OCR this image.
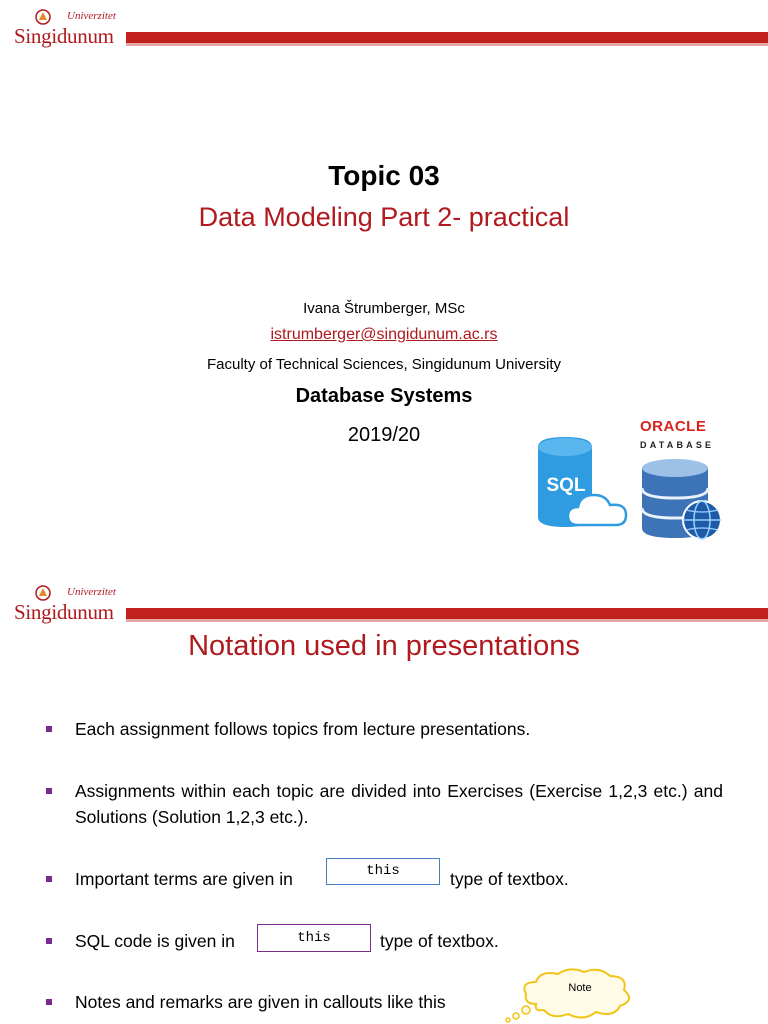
Univerzitet
Singidunum
Topic 03
Data Modeling Part 2- practical
Ivana Štrumberger, MSc
istrumberger@singidunum.ac.rs
Faculty of Technical Sciences, Singidunum University
Database Systems
2019/20
SQL
ORACLE
DATABASE
Univerzitet
Singidunum
Notation used in presentations
Each assignment follows topics from lecture presentations.
Assignments within each topic are divided into Exercises (Exercise 1,2,3 etc.) and Solutions (Solution 1,2,3 etc.).
Important terms are given in	type of textbox.
this
SQL code is given in	type of textbox.
this
Notes and remarks are given in callouts like this
Note
